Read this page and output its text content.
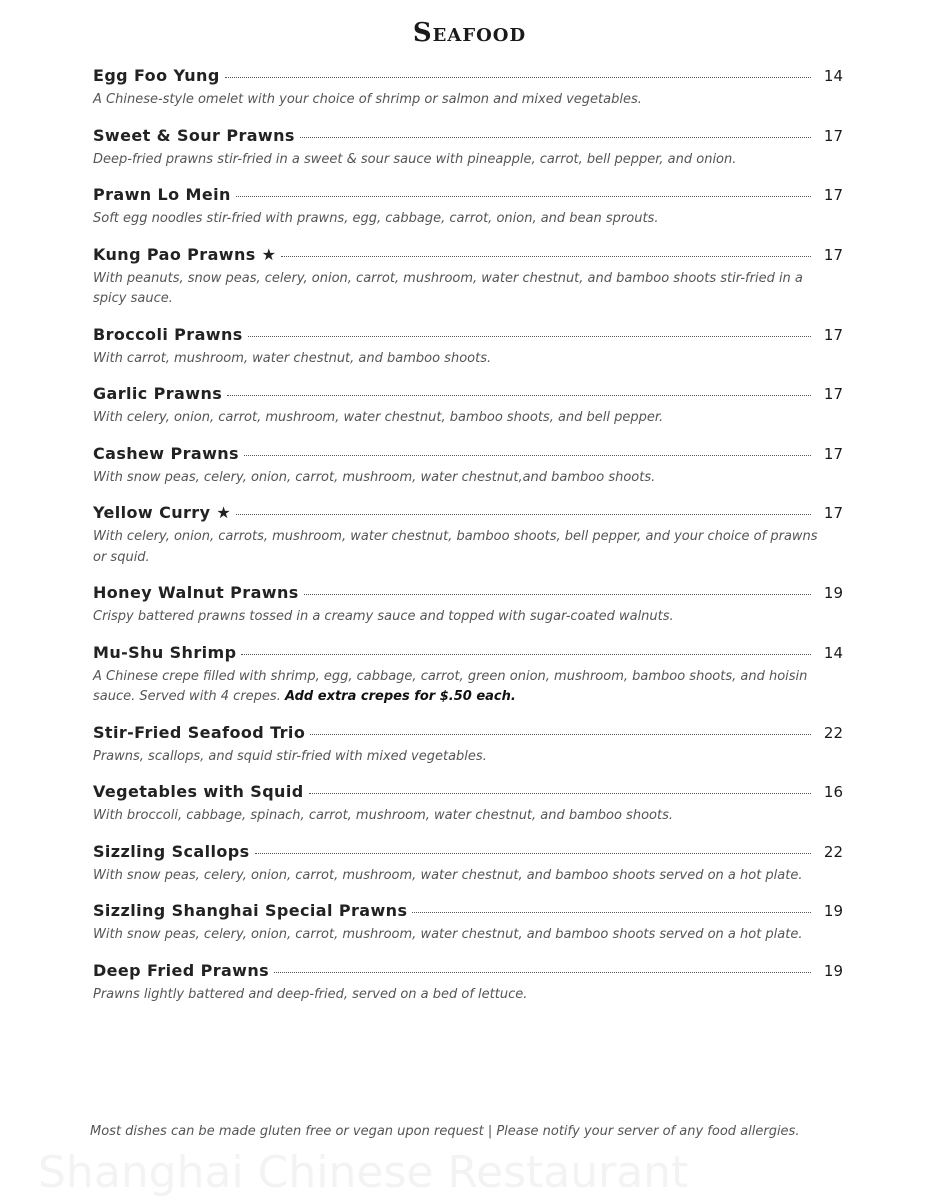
Seafood
Egg Foo Yung	14
A Chinese-style omelet with your choice of shrimp or salmon and mixed vegetables.
Sweet & Sour Prawns	17
Deep-fried prawns stir-fried in a sweet & sour sauce with pineapple, carrot, bell pepper, and onion.
Prawn Lo Mein	17
Soft egg noodles stir-fried with prawns, egg, cabbage, carrot, onion, and bean sprouts.
Kung Pao Prawns ★	17
With peanuts, snow peas, celery, onion, carrot, mushroom, water chestnut, and bamboo shoots stir-fried in a spicy sauce.
Broccoli Prawns	17
With carrot, mushroom, water chestnut, and bamboo shoots.
Garlic Prawns	17
With celery, onion, carrot, mushroom, water chestnut, bamboo shoots, and bell pepper.
Cashew Prawns	17
With snow peas, celery, onion, carrot, mushroom, water chestnut,and bamboo shoots.
Yellow Curry ★	17
With celery, onion, carrots, mushroom, water chestnut, bamboo shoots, bell pepper, and your choice of prawns or squid.
Honey Walnut Prawns	19
Crispy battered prawns tossed in a creamy sauce and topped with sugar-coated walnuts.
Mu-Shu Shrimp	14
A Chinese crepe filled with shrimp, egg, cabbage, carrot, green onion, mushroom, bamboo shoots, and hoisin sauce. Served with 4 crepes. Add extra crepes for $.50 each.
Stir-Fried Seafood Trio	22
Prawns, scallops, and squid stir-fried with mixed vegetables.
Vegetables with Squid	16
With broccoli, cabbage, spinach, carrot, mushroom, water chestnut, and bamboo shoots.
Sizzling Scallops	22
With snow peas, celery, onion, carrot, mushroom, water chestnut, and bamboo shoots served on a hot plate.
Sizzling Shanghai Special Prawns	19
With snow peas, celery, onion, carrot, mushroom, water chestnut, and bamboo shoots served on a hot plate.
Deep Fried Prawns	19
Prawns lightly battered and deep-fried, served on a bed of lettuce.
Shanghai Chinese Restaurant
Most dishes can be made gluten free or vegan upon request | Please notify your server of any food allergies.
